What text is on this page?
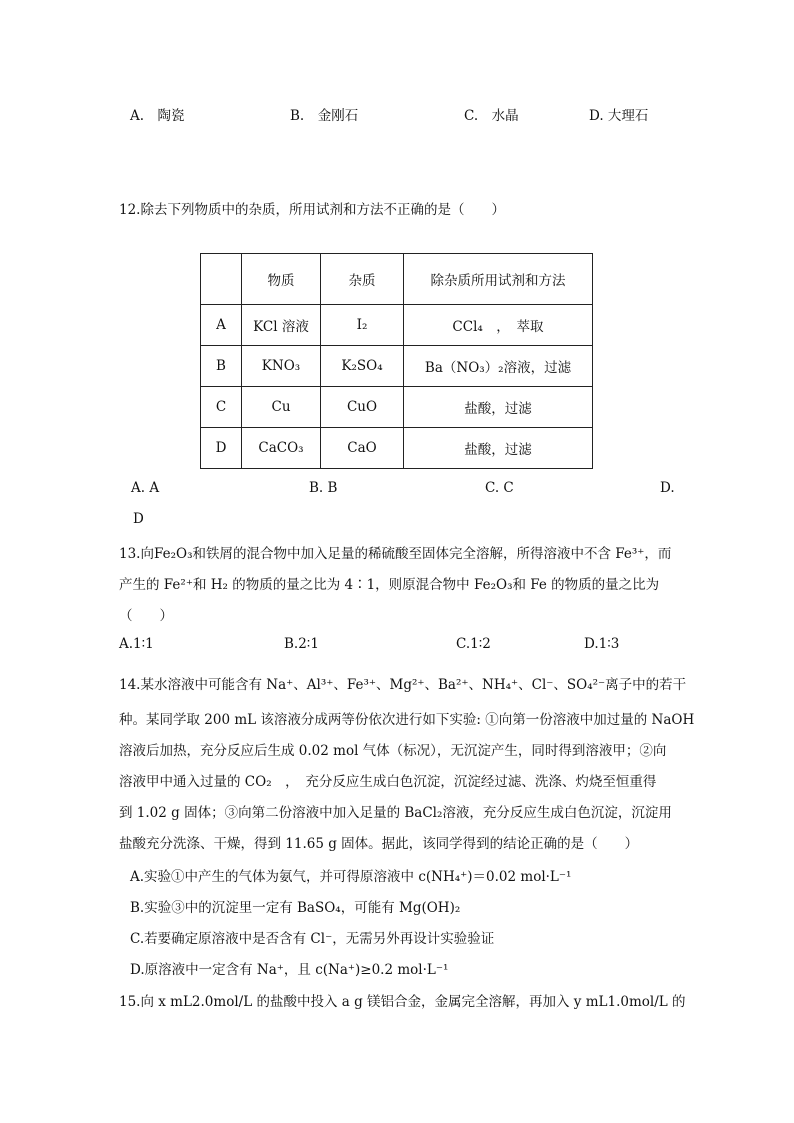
A.　陶瓷	B.　金刚石	C.　水晶	D. 大理石
12.除去下列物质中的杂质，所用试剂和方法不正确的是（　　）
	物质	杂质	除杂质所用试剂和方法
A	KCl 溶液	I₂	CCl₄　，　萃取
B	KNO₃	K₂SO₄	Ba（NO₃）₂溶液，过滤
C	Cu	CuO	盐酸，过滤
D	CaCO₃	CaO	盐酸，过滤
A. A	B. B	C. C	D.
D
13.向Fe₂O₃和铁屑的混合物中加入足量的稀硫酸至固体完全溶解，所得溶液中不含 Fe³⁺，而
产生的 Fe²⁺和 H₂ 的物质的量之比为 4∶1，则原混合物中 Fe₂O₃和 Fe 的物质的量之比为
（　　）
A.1∶1	B.2∶1	C.1∶2	D.1∶3
14.某水溶液中可能含有 Na⁺、Al³⁺、Fe³⁺、Mg²⁺、Ba²⁺、NH₄⁺、Cl⁻、SO₄²⁻离子中的若干
种。某同学取 200 mL 该溶液分成两等份依次进行如下实验: ①向第一份溶液中加过量的 NaOH
溶液后加热，充分反应后生成 0.02 mol 气体（标况），无沉淀产生，同时得到溶液甲；②向
溶液甲中通入过量的 CO₂　，　充分反应生成白色沉淀，沉淀经过滤、洗涤、灼烧至恒重得
到 1.02 g 固体；③向第二份溶液中加入足量的 BaCl₂溶液，充分反应生成白色沉淀，沉淀用
盐酸充分洗涤、干燥，得到 11.65 g 固体。据此，该同学得到的结论正确的是（　　）
A.实验①中产生的气体为氨气，并可得原溶液中 c(NH₄⁺)＝0.02 mol·L⁻¹
B.实验③中的沉淀里一定有 BaSO₄，可能有 Mg(OH)₂
C.若要确定原溶液中是否含有 Cl⁻，无需另外再设计实验验证
D.原溶液中一定含有 Na⁺，且 c(Na⁺)≥0.2 mol·L⁻¹
15.向 x mL2.0mol/L 的盐酸中投入 a g 镁铝合金，金属完全溶解，再加入 y mL1.0mol/L 的
